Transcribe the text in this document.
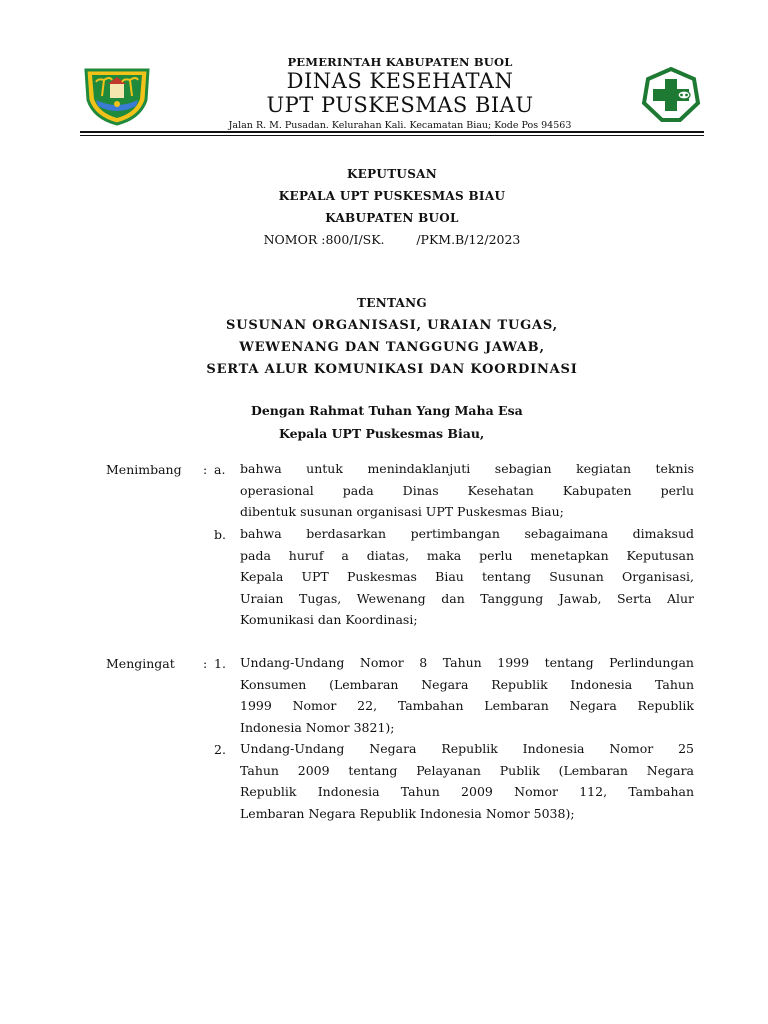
PEMERINTAH KABUPATEN BUOL
DINAS KESEHATAN
UPT PUSKESMAS BIAU
Jalan R. M. Pusadan. Kelurahan Kali. Kecamatan Biau; Kode Pos 94563
KEPUTUSAN
KEPALA UPT PUSKESMAS BIAU
KABUPATEN BUOL
NOMOR :800/I/SK.        /PKM.B/12/2023
TENTANG
SUSUNAN ORGANISASI, URAIAN TUGAS,
WEWENANG DAN TANGGUNG JAWAB,
SERTA ALUR KOMUNIKASI DAN KOORDINASI
Dengan Rahmat Tuhan Yang Maha Esa
Kepala UPT Puskesmas Biau,
Menimbang : a. bahwa untuk menindaklanjuti sebagian kegiatan teknis
operasional pada Dinas Kesehatan Kabupaten perlu
dibentuk susunan organisasi UPT Puskesmas Biau;
b. bahwa berdasarkan pertimbangan sebagaimana dimaksud
pada huruf a diatas, maka perlu menetapkan Keputusan
Kepala UPT Puskesmas Biau tentang Susunan Organisasi,
Uraian Tugas, Wewenang dan Tanggung Jawab, Serta Alur
Komunikasi dan Koordinasi;
Mengingat : 1. Undang-Undang Nomor 8 Tahun 1999 tentang Perlindungan
Konsumen (Lembaran Negara Republik Indonesia Tahun
1999 Nomor 22, Tambahan Lembaran Negara Republik
Indonesia Nomor 3821);
2. Undang-Undang Negara Republik Indonesia Nomor 25
Tahun 2009 tentang Pelayanan Publik (Lembaran Negara
Republik Indonesia Tahun 2009 Nomor 112, Tambahan
Lembaran Negara Republik Indonesia Nomor 5038);
